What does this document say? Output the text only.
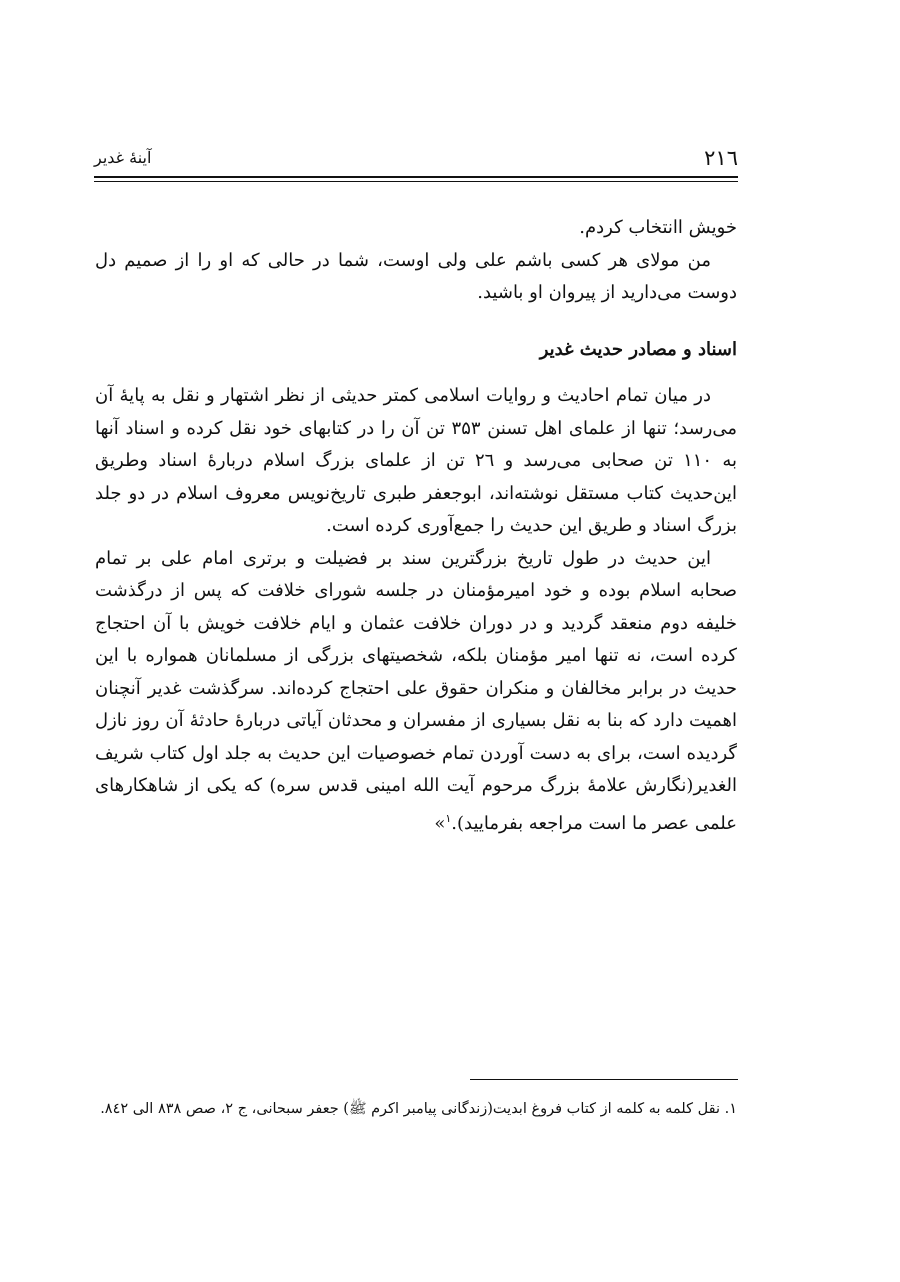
۲۱٦
آینهٔ غدیر

خویش اانتخاب کردم.

من مولای هر کسی باشم علی ولی اوست، شما در حالی که او را از صمیم دل دوست می‌دارید از پیروان او باشید.

اسناد و مصادر حدیث غدیر

در میان تمام احادیث و روایات اسلامی کمتر حدیثی از نظر اشتهار و نقل به پایهٔ آن می‌رسد؛ تنها از علمای اهل تسنن ۳۵۳ تن آن را در کتابهای خود نقل کرده و اسناد آنها به ۱۱۰ تن صحابی می‌رسد و ٢٦ تن از علمای بزرگ اسلام دربارهٔ اسناد وطریق این‌حدیث کتاب مستقل نوشته‌اند، ابوجعفر طبری تاریخ‌نویس معروف اسلام در دو جلد بزرگ اسناد و طریق این حدیث را جمع‌آوری کرده است.

این حدیث در طول تاریخ بزرگترین سند بر فضیلت و برتری امام علی بر تمام صحابه اسلام بوده و خود امیرمؤمنان در جلسه شورای خلافت که پس از درگذشت خلیفه دوم منعقد گردید و در دوران خلافت عثمان و ایام خلافت خویش با آن احتجاج کرده است، نه تنها امیر مؤمنان بلکه، شخصیتهای بزرگی از مسلمانان همواره با این حدیث در برابر مخالفان و منکران حقوق علی احتجاج کرده‌اند. سرگذشت غدیر آنچنان اهمیت دارد که بنا به نقل بسیاری از مفسران و محدثان آیاتی دربارهٔ حادثهٔ آن روز نازل گردیده است، برای به دست آوردن تمام خصوصیات این حدیث به جلد اول کتاب شریف الغدیر(نگارش علامهٔ بزرگ مرحوم آیت الله امینی قدس سره) که یکی از شاهکارهای علمی عصر ما است مراجعه بفرمایید).$^۱$»

۱. نقل کلمه به کلمه از کتاب فروغ ابدیت(زندگانی پیامبر اکرم ﷺ) جعفر سبحانی، ج ۲، صص ۸۳۸ الی ۸٤۲.
